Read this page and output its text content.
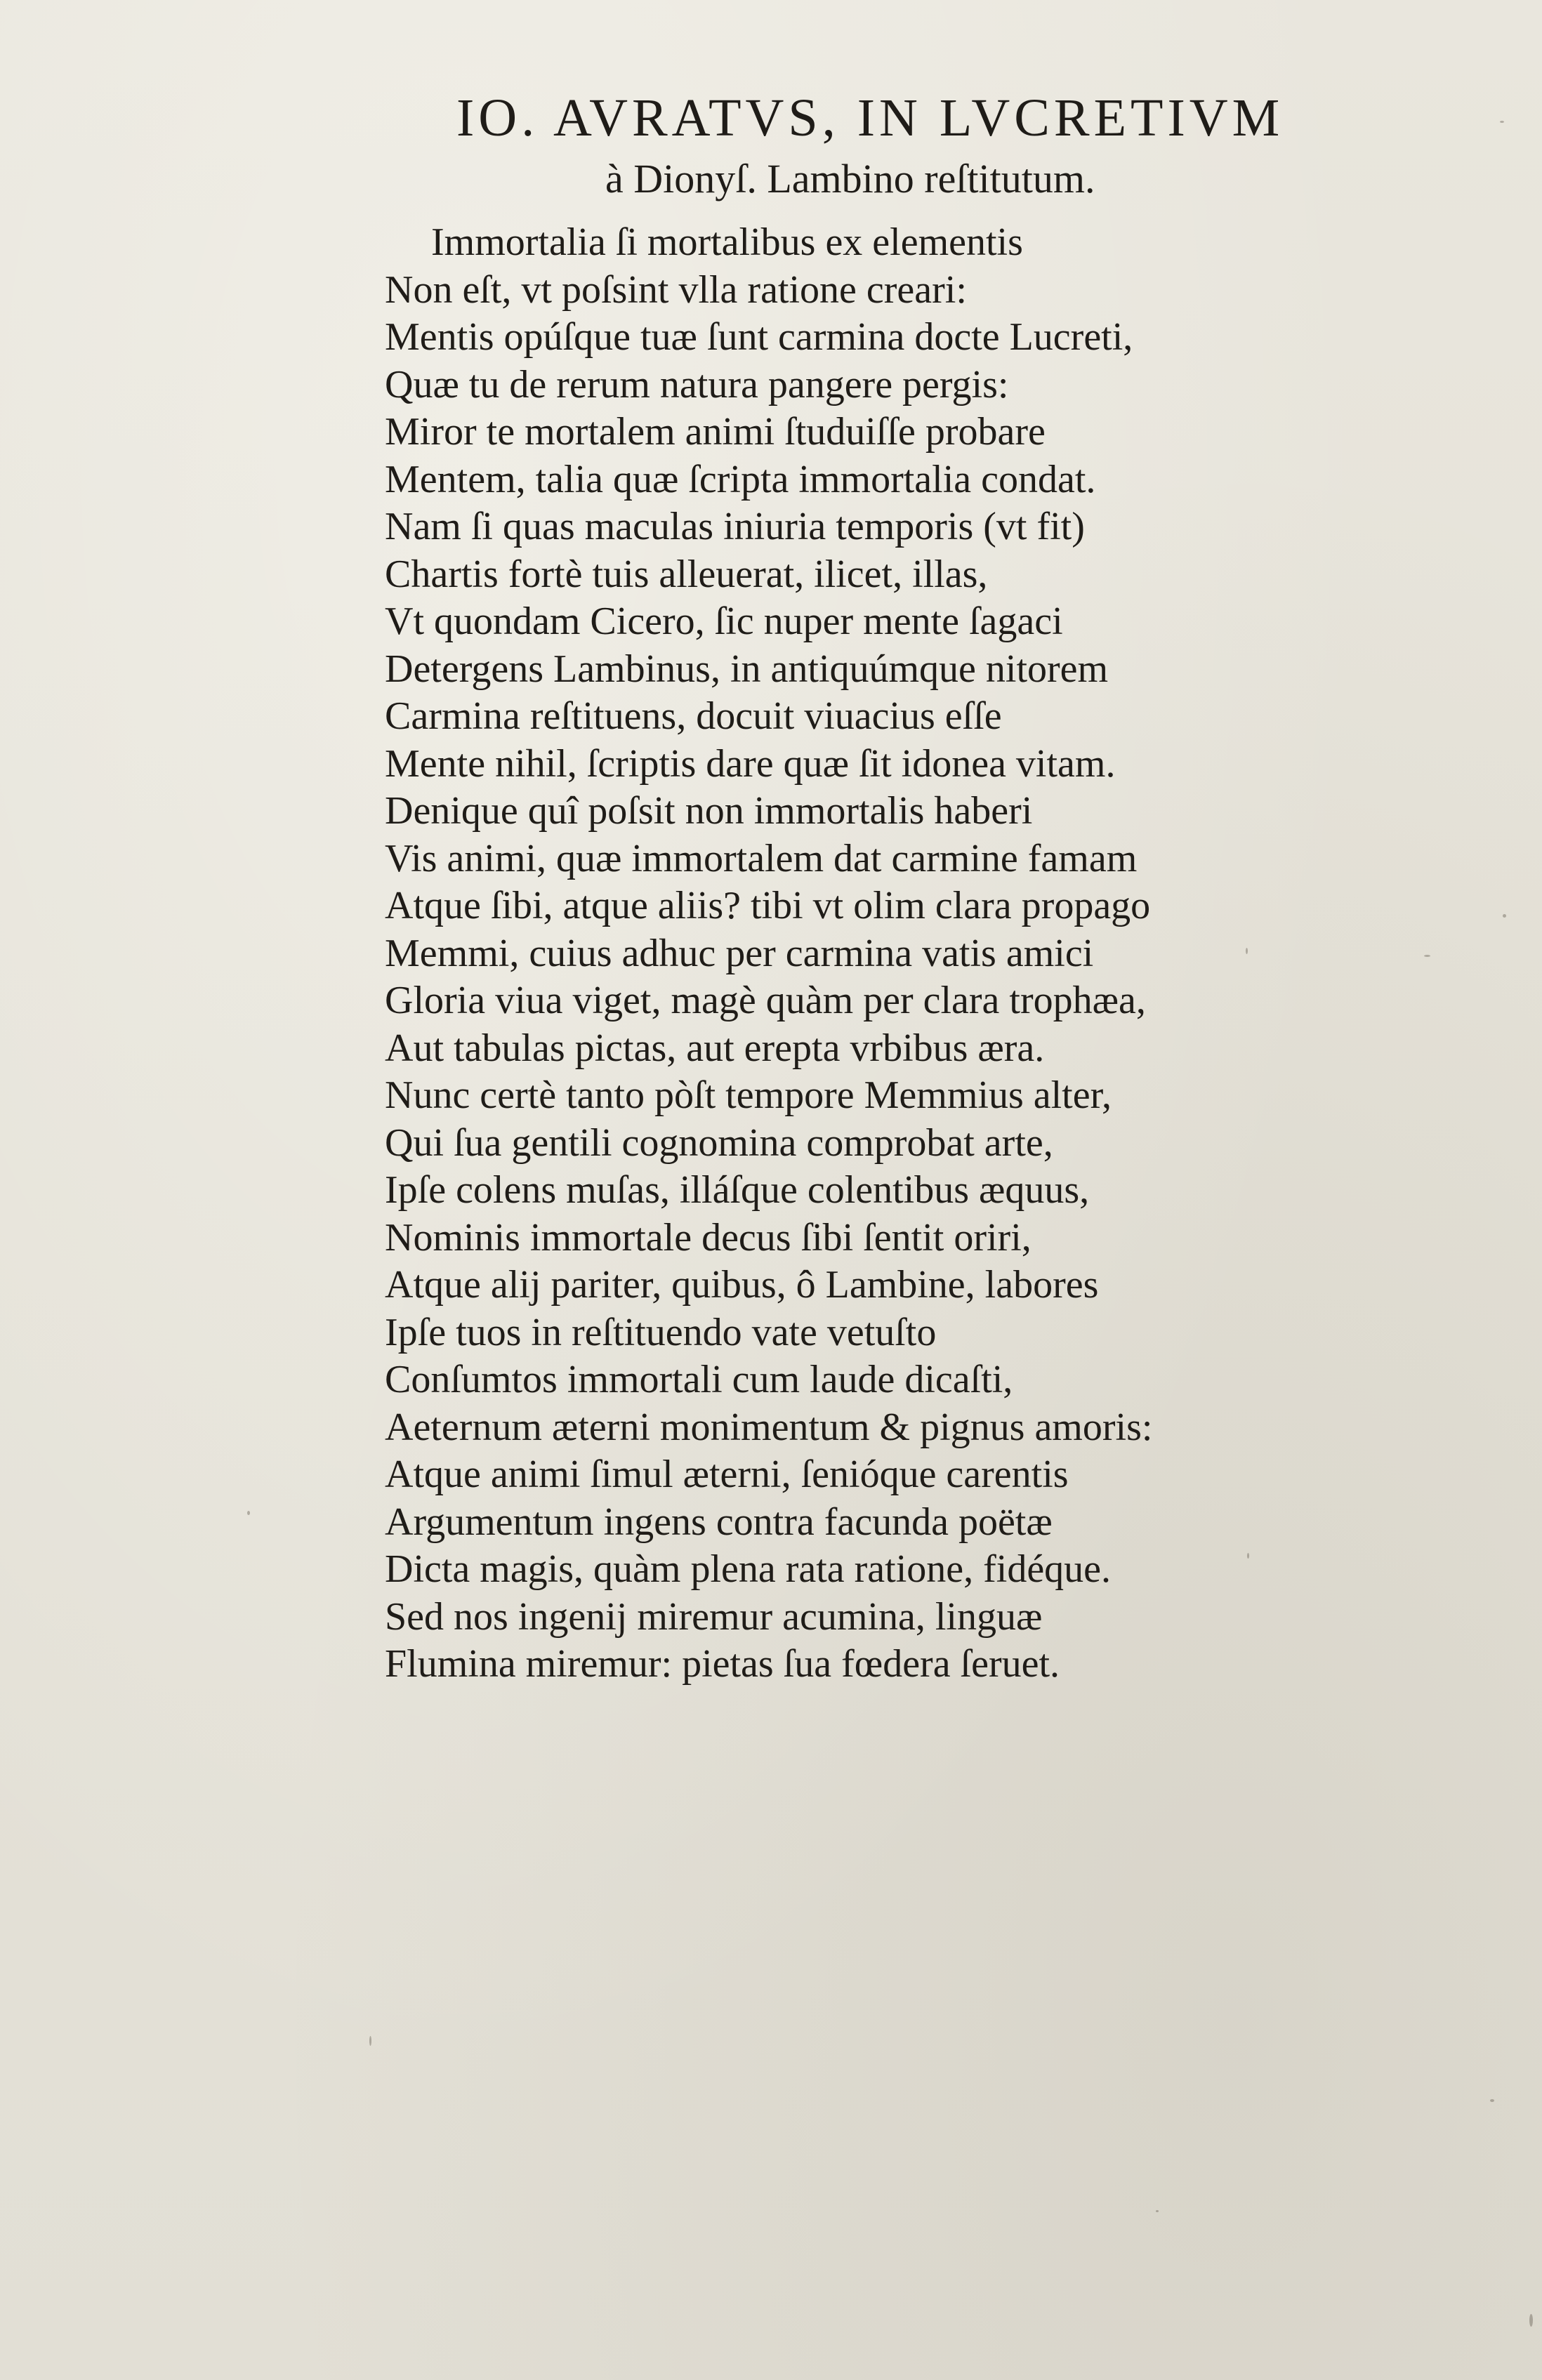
IO. AVRATVS, IN LVCRETIVM
à Dionyſ. Lambino reſtitutum.
Immortalia ſi mortalibus ex elementis
Non eſt, vt poſsint vlla ratione creari:
Mentis opúſque tuæ ſunt carmina docte Lucreti,
Quæ tu de rerum natura pangere pergis:
Miror te mortalem animi ſtuduiſſe probare
Mentem, talia quæ ſcripta immortalia condat.
Nam ſi quas maculas iniuria temporis (vt fit)
Chartis fortè tuis alleuerat, ilicet, illas,
Vt quondam Cicero, ſic nuper mente ſagaci
Detergens Lambinus, in antiquúmque nitorem
Carmina reſtituens, docuit viuacius eſſe
Mente nihil, ſcriptis dare quæ ſit idonea vitam.
Denique quî poſsit non immortalis haberi
Vis animi, quæ immortalem dat carmine famam
Atque ſibi, atque aliis? tibi vt olim clara propago
Memmi, cuius adhuc per carmina vatis amici
Gloria viua viget, magè quàm per clara trophæa,
Aut tabulas pictas, aut erepta vrbibus æra.
Nunc certè tanto pòſt tempore Memmius alter,
Qui ſua gentili cognomina comprobat arte,
Ipſe colens muſas, illáſque colentibus æquus,
Nominis immortale decus ſibi ſentit oriri,
Atque alij pariter, quibus, ô Lambine, labores
Ipſe tuos in reſtituendo vate vetuſto
Conſumtos immortali cum laude dicaſti,
Aeternum æterni monimentum & pignus amoris:
Atque animi ſimul æterni, ſenióque carentis
Argumentum ingens contra facunda poëtæ
Dicta magis, quàm plena rata ratione, fidéque.
Sed nos ingenij miremur acumina, linguæ
Flumina miremur: pietas ſua fœdera ſeruet.
